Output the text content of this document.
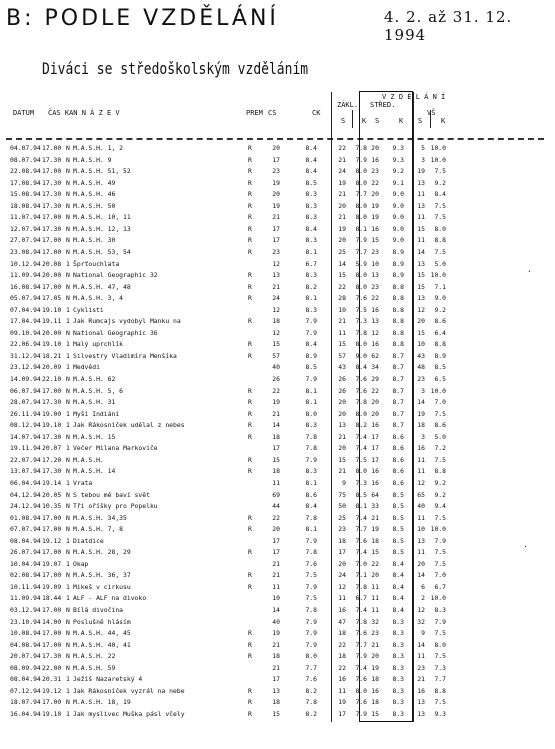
B: PODLE VZDĚLÁNÍ	4. 2. až 31. 12. 1994
Diváci se středoškolským vzděláním
DATUM ČAS KAN N Á Z E V	PREM CS	CK
V Z D Ě L Á N Í
ZÁKL. STŘED.
VŠ
S K S	K S	K
04.07.94 17.00 N M.A.S.H. 1, 2	R	20	8.4	22 7.8 20 9.3	5 10.0
08.07.94 17.30 N M.A.S.H. 9	R	17	8.4	21 7.9 16 9.3	3 10.0
22.08.94 17.00 N M.A.S.H. 51, 52	R	23	8.4	24 8.0 23 9.2 19 7.5
17.08.94 17.30 N M.A.S.H. 49	R	19	8.5	19 8.0 22 9.1 13 9.2
15.08.94 17.30 N M.A.S.H. 46	R	20	8.3	21 7.7 20 9.0 11 8.4
18.08.94 17.30 N M.A.S.H. 50	R	19	8.3	20 8.0 19 9.0 13 7.5
11.07.94 17.00 N M.A.S.H. 10, 11	R	21	8.3	21 8.0 19 9.0 11 7.5
12.07.94 17.30 N M.A.S.H. 12, 13	R	17	8.4	19 8.1 16 9.0 15 8.0
27.07.94 17.00 N M.A.S.H. 30	R	17	8.3	20 7.9 15 9.0 11 8.8
23.08.94 17.00 N M.A.S.H. 53, 54	R	23	8.1	25 7.7 23 8.9 14 7.5
10.12.94 20.08 1 Šprťouchlata	12	6.7	14 5.9 10 8.9 13 5.0
11.09.94 20.00 N National Geographic 32	R	13	8.3	15 8.0 13 8.9 15 10.0
16.08.94 17.00 N M.A.S.H. 47, 48	R	21	8.2	22 8.0 23 8.8 15 7.1
05.07.94 17.05 N M.A.S.H. 3, 4	R	24	8.1	28 7.6 22 8.8 13 9.0
07.04.94 19.10 1 Cyklisti	12	8.3	10 7.5 16 8.8 12 9.2
17.04.94 19.11 1 Jak Rumcajs vydobyl Manku na	R	18	7.9	21 7.3 13 8.8 20 8.6
09.10.94 20.00 N National Geographic 36	12	7.9	11 7.8 12 8.8 15 6.4
22.06.94 19.10 1 Malý uprchlík	R	15	8.4	15 8.0 16 8.8 10 8.8
31.12.94 18.21 1 Silvestry Vladimíra Menšíka	R	57	8.9	57 9.0 62 8.7 43 8.9
23.12.94 20.09 1 Medvědi	40	8.5	43 8.4 34 8.7 48 8.5
14.09.94 22.10 N M.A.S.H. 62	26	7.9	26 7.6 29 8.7 23 6.5
06.07.94 17.00 N M.A.S.H. 5, 6	R	22	8.1	26 7.6 22 8.7	3 10.0
28.07.94 17.30 N M.A.S.H. 31	R	19	8.1	20 7.8 20 8.7 14 7.0
26.11.94 19.00 1 Myši Indiáni	R	21	8.0	20 8.0 20 8.7 19 7.5
08.12.94 19.10 1 Jak Rákosníček udělal z nebes	R	14	8.3	13 8.2 16 8.7 18 8.6
14.07.94 17.30 N M.A.S.H. 15	R	18	7.8	21 7.4 17 8.6	3 5.0
19.11.94 20.07 1 Večer Milana Markoviče	17	7.8	20 7.4 17 8.6 16 7.2
22.07.94 17.20 N M.A.S.H.	R	15	7.9	15 7.5 17 8.6 11 7.5
13.07.94 17.30 N M.A.S.H. 14	R	18	8.3	21 8.0 16 8.6 11 8.8
06.04.94 19.14 1 Vrata	11	8.1	9 7.3 16 8.6 12 9.2
04.12.94 20.05 N S tebou mě baví svět	69	8.6	75 8.5 64 8.5 65 9.2
24.12.94 10.35 N Tři oříšky pro Popelku	44	8.4	50 8.1 33 8.5 40 9.4
01.08.94 17.00 N M.A.S.H. 34,35	R	22	7.8	25 7.4 21 8.5 11 7.5
07.07.94 17.00 N M.A.S.H. 7, 8	R	20	8.1	23 7.7 19 8.5 10 10.0
08.04.94 19.12 1 Diatdice	17	7.9	18 7.6 18 8.5 13 7.9
26.07.94 17.00 N M.A.S.H. 28, 29	R	17	7.8	17 7.4 15 8.5 11 7.5
10.04.94 19.07 1 Okap	21	7.6	20 7.0 22 8.4 20 7.5
02.08.94 17.00 N M.A.S.H. 36, 37	R	21	7.5	24 7.1 20 8.4 14 7.0
10.11.94 19.09 1 Mikeš v cirkusu	R	11	7.9	12 7.8 11 8.4	6 6.7
11.09.94 18.44 1 ALF - ALF na divoko	10	7.5	11 6.7 11 8.4	2 10.0
03.12.94 17.00 N Bílá divočina	14	7.8	16 7.4 11 8.4 12 8.3
23.10.94 14.00 N Poslušně hlásím	40	7.9	47 7.8 32 8.3 32 7.9
10.08.94 17.00 N M.A.S.H. 44, 45	R	19	7.9	18 7.6 23 8.3	9 7.5
04.08.94 17.00 N M.A.S.H. 40, 41	R	21	7.9	22 7.7 21 8.3 14 8.0
20.07.94 17.30 N M.A.S.H. 22	R	18	8.0	18 7.9 20 8.3 11 7.5
08.09.94 22.00 N M.A.S.H. 59	21	7.7	22 7.4 19 8.3 23 7.3
08.04.94 20.31 1 Ježíš Nazaretský 4	17	7.6	16 7.6 18 8.3 21 7.7
07.12.94 19.12 1 Jak Rákosníček vyzrál na nebe	R	13	8.2	11 8.0 16 8.3 16 8.8
18.07.94 17.00 N M.A.S.H. 18, 19	R	18	7.8	19 7.6 18 8.3 13 7.5
16.04.94 19.10 1 Jak myslivec Muška pásl včely	R	15	8.2	17 7.9 15 8.3 13 9.3
·
·
